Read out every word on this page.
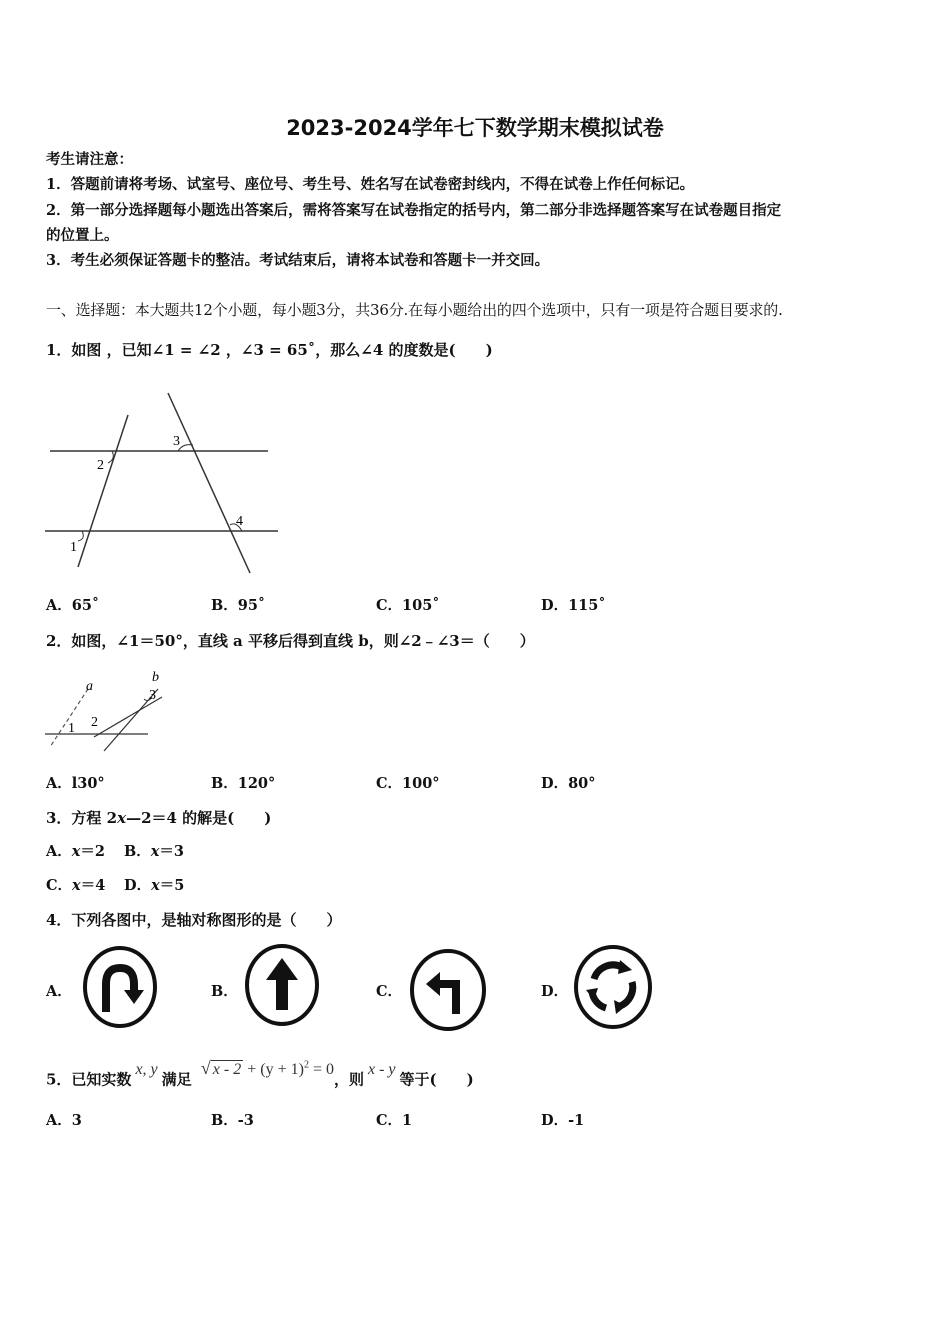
2023-2024学年七下数学期末模拟试卷
考生请注意：
1．答题前请将考场、试室号、座位号、考生号、姓名写在试卷密封线内，不得在试卷上作任何标记。
2．第一部分选择题每小题选出答案后，需将答案写在试卷指定的括号内，第二部分非选择题答案写在试卷题目指定
的位置上。
3．考生必须保证答题卡的整洁。考试结束后，请将本试卷和答题卡一并交回。
一、选择题：本大题共12个小题，每小题3分，共36分.在每小题给出的四个选项中，只有一项是符合题目要求的.
1．如图 ，已知∠1 = ∠2 ，∠3 = 65˚，那么∠4 的度数是(　　)
2
1
3
4
A．65˚	B．95˚	C．105˚	D．115˚
2．如图，∠1＝50°，直线 a 平移后得到直线 b，则∠2﹣∠3＝（　　）
a
b
1 2
3
A．l30°	B．120°	C．100°	D．80°
3．方程 2x—2＝4 的解是(　　)
A．x＝2 B．x＝3
C．x＝4 D．x＝5
4．下列各图中，是轴对称图形的是（　　）
A．	B．	C．	D．
5．已知实数x, y满足 √ $x - 2 + (y + 1)^2 = 0$，则x - y等于(　　)
A．3	B．-3	C．1	D．-1
